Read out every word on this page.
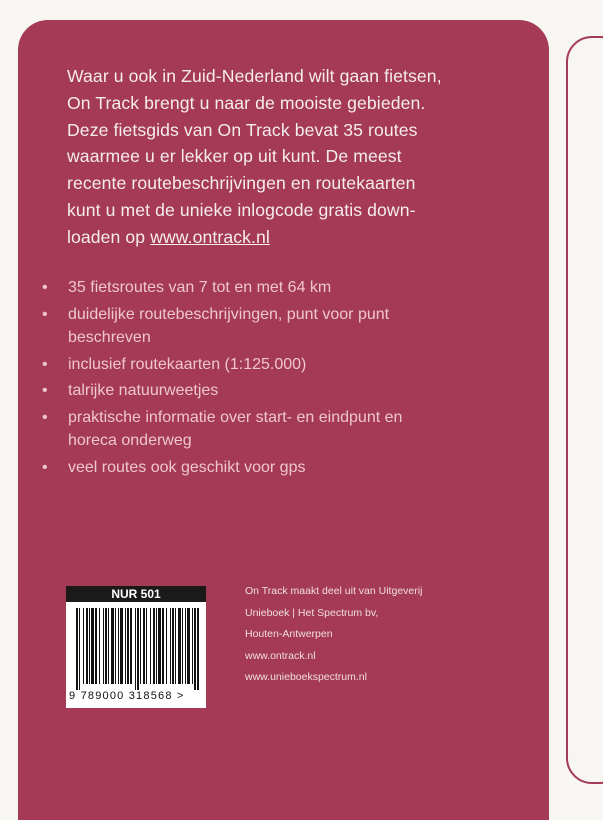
Waar u ook in Zuid-Nederland wilt gaan fietsen,

On Track brengt u naar de mooiste gebieden.

Deze fietsgids van On Track bevat 35 routes

waarmee u er lekker op uit kunt. De meest

recente routebeschrijvingen en routekaarten

kunt u met de unieke inlogcode gratis down-

loaden op www.ontrack.nl

• 35 fietsroutes van 7 tot en met 64 km
• duidelijke routebeschrijvingen, punt voor punt
beschreven
• inclusief routekaarten (1:125.000)
• talrijke natuurweetjes
• praktische informatie over start- en eindpunt en
horeca onderweg
• veel routes ook geschikt voor gps
NUR 501
9 789000 318568 >
On Track maakt deel uit van Uitgeverij
Unieboek | Het Spectrum bv,
Houten-Antwerpen
www.ontrack.nl
www.unieboekspectrum.nl
